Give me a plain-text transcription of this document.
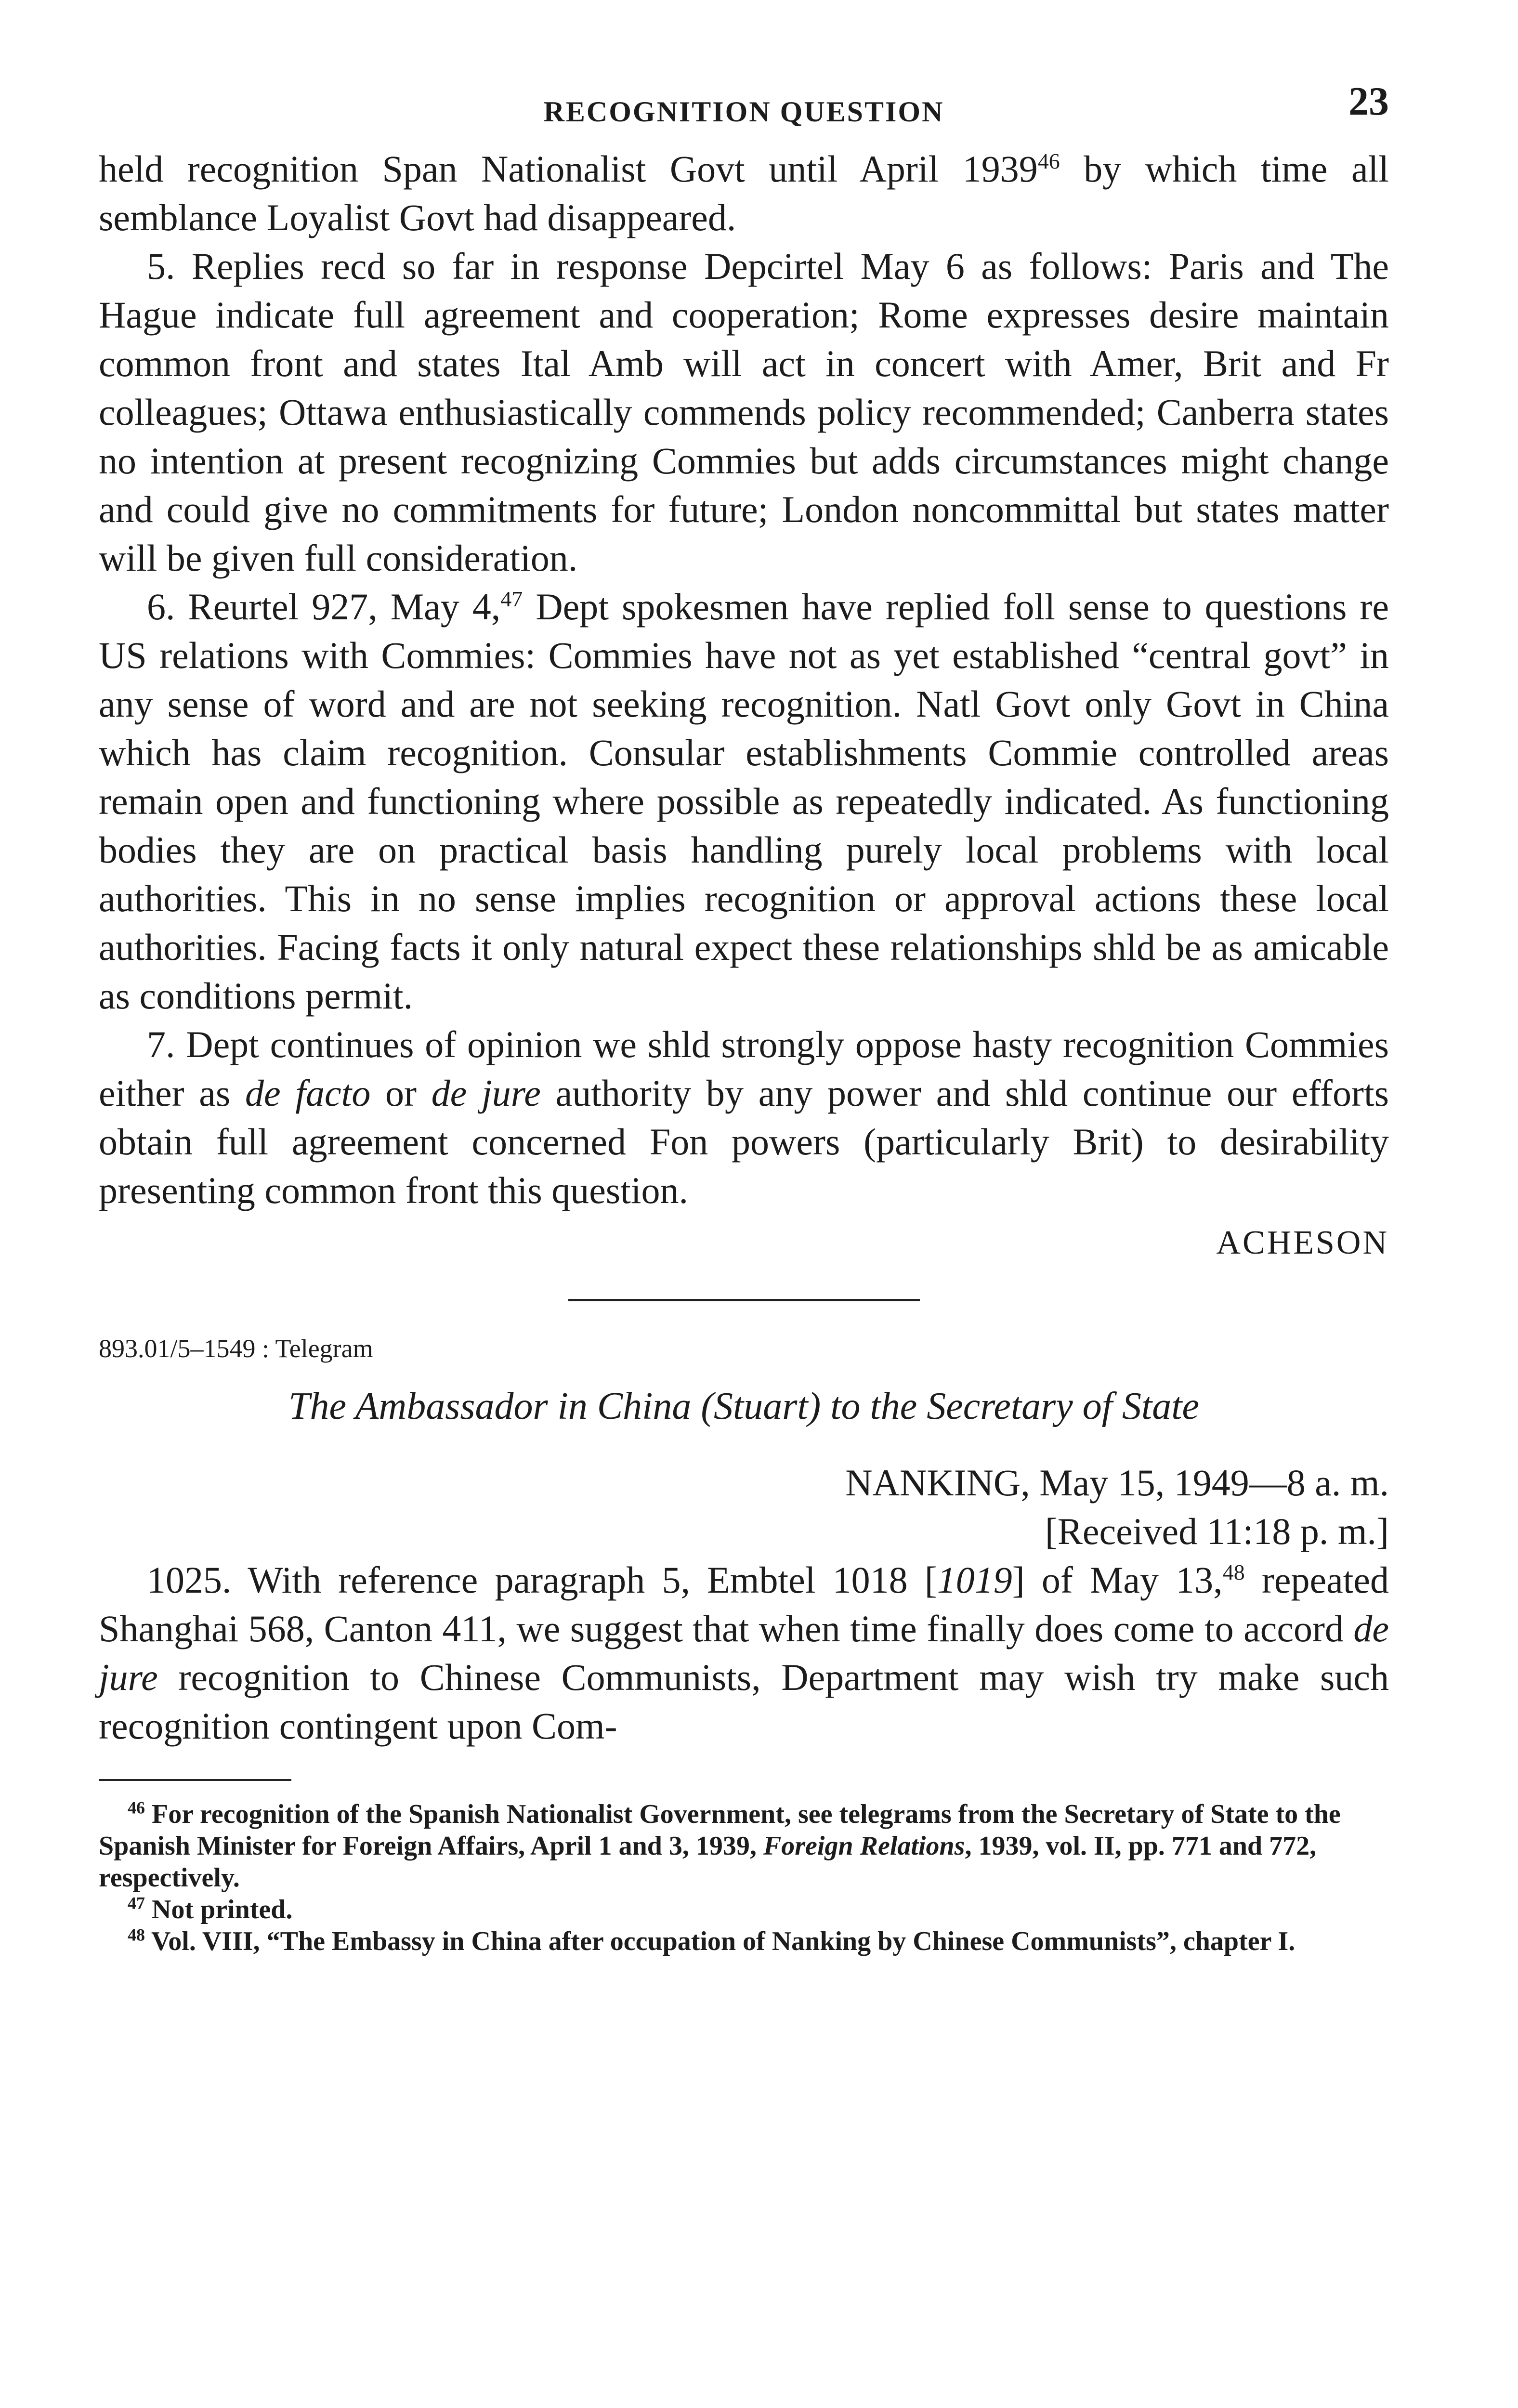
RECOGNITION QUESTION	23

held recognition Span Nationalist Govt until April 1939$^{46}$ by which time all semblance Loyalist Govt had disappeared.

5. Replies recd so far in response Depcirtel May 6 as follows: Paris and The Hague indicate full agreement and cooperation; Rome expresses desire maintain common front and states Ital Amb will act in concert with Amer, Brit and Fr colleagues; Ottawa enthusiastically commends policy recommended; Canberra states no intention at present recognizing Commies but adds circumstances might change and could give no commitments for future; London noncommittal but states matter will be given full consideration.

6. Reurtel 927, May 4,47 Dept spokesmen have replied foll sense to questions re US relations with Commies: Commies have not as yet established “central govt” in any sense of word and are not seeking recognition. Natl Govt only Govt in China which has claim recognition. Consular establishments Commie controlled areas remain open and functioning where possible as repeatedly indicated. As functioning bodies they are on practical basis handling purely local problems with local authorities. This in no sense implies recognition or approval actions these local authorities. Facing facts it only natural expect these relationships shld be as amicable as conditions permit.

7. Dept continues of opinion we shld strongly oppose hasty recognition Commies either as de facto or de jure authority by any power and shld continue our efforts obtain full agreement concerned Fon powers (particularly Brit) to desirability presenting common front this question.

ACHESON
893.01/5–1549 : Telegram
The Ambassador in China (Stuart) to the Secretary of State
NANKING, May 15, 1949—8 a. m.
[Received 11:18 p. m.]

1025. With reference paragraph 5, Embtel 1018 [1019] of May 13,48 repeated Shanghai 568, Canton 411, we suggest that when time finally does come to accord de jure recognition to Chinese Communists, Department may wish try make such recognition contingent upon Com-

$^{46}$ For recognition of the Spanish Nationalist Government, see telegrams from the Secretary of State to the Spanish Minister for Foreign Affairs, April 1 and 3, 1939, Foreign Relations, 1939, vol. II, pp. 771 and 772, respectively.

$^{47}$ Not printed.

$^{48}$ Vol. VIII, “The Embassy in China after occupation of Nanking by Chinese Communists”, chapter I.
